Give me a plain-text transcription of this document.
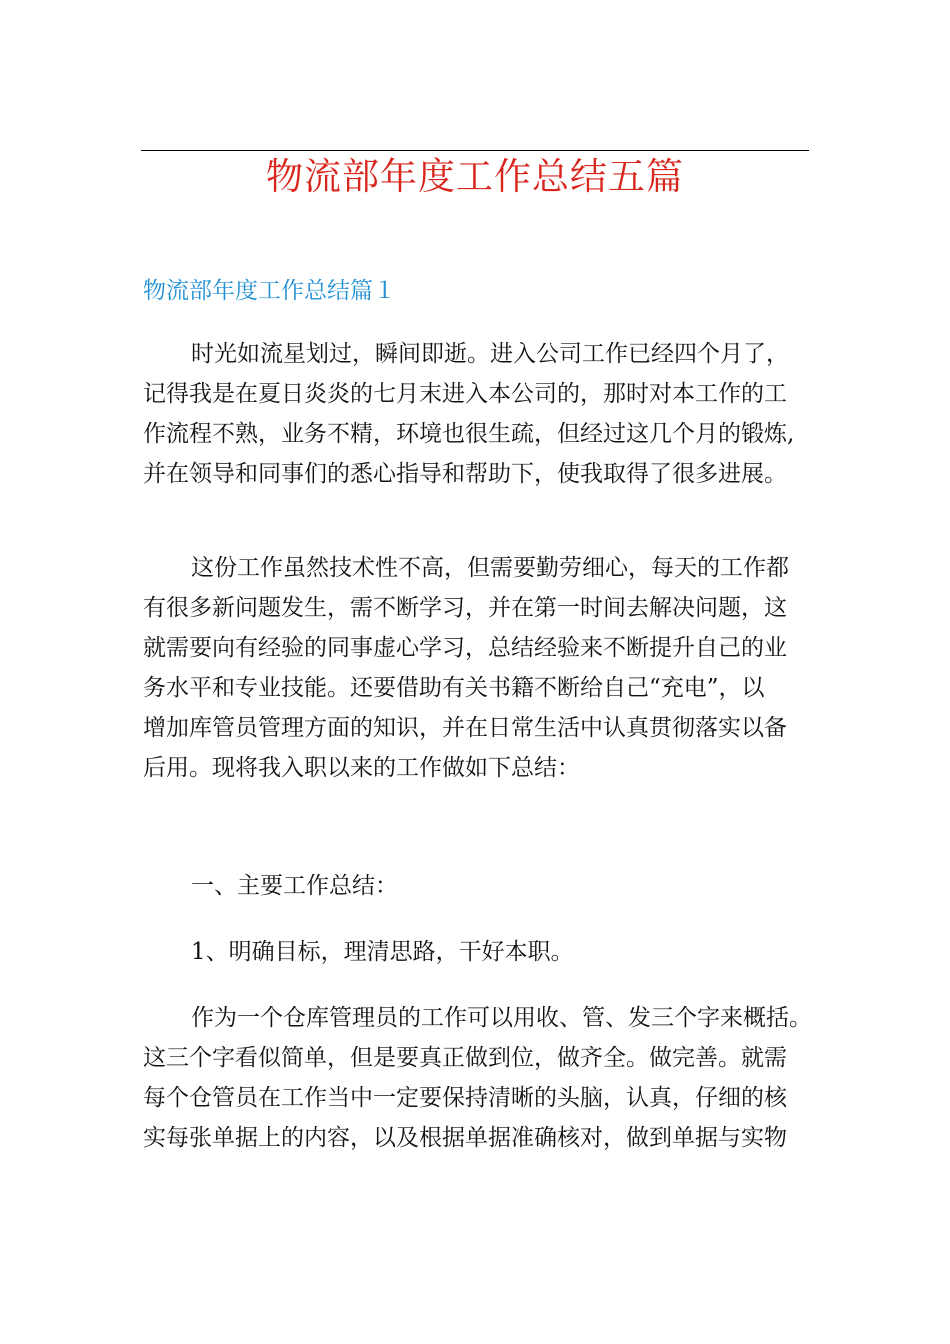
物流部年度工作总结五篇
物流部年度工作总结篇１
时光如流星划过，瞬间即逝。进入公司工作已经四个月了，
记得我是在夏日炎炎的七月末进入本公司的，那时对本工作的工
作流程不熟，业务不精，环境也很生疏，但经过这几个月的锻炼,
并在领导和同事们的悉心指导和帮助下，使我取得了很多进展。
这份工作虽然技术性不高，但需要勤劳细心，每天的工作都
有很多新问题发生，需不断学习，并在第一时间去解决问题，这
就需要向有经验的同事虚心学习，总结经验来不断提升自己的业
务水平和专业技能。还要借助有关书籍不断给自己“充电”，以
增加库管员管理方面的知识，并在日常生活中认真贯彻落实以备
后用。现将我入职以来的工作做如下总结：
一、主要工作总结：
1、明确目标，理清思路，干好本职。
作为一个仓库管理员的工作可以用收、管、发三个字来概括。
这三个字看似简单，但是要真正做到位，做齐全。做完善。就需
每个仓管员在工作当中一定要保持清晰的头脑，认真，仔细的核
实每张单据上的内容，以及根据单据准确核对，做到单据与实物
